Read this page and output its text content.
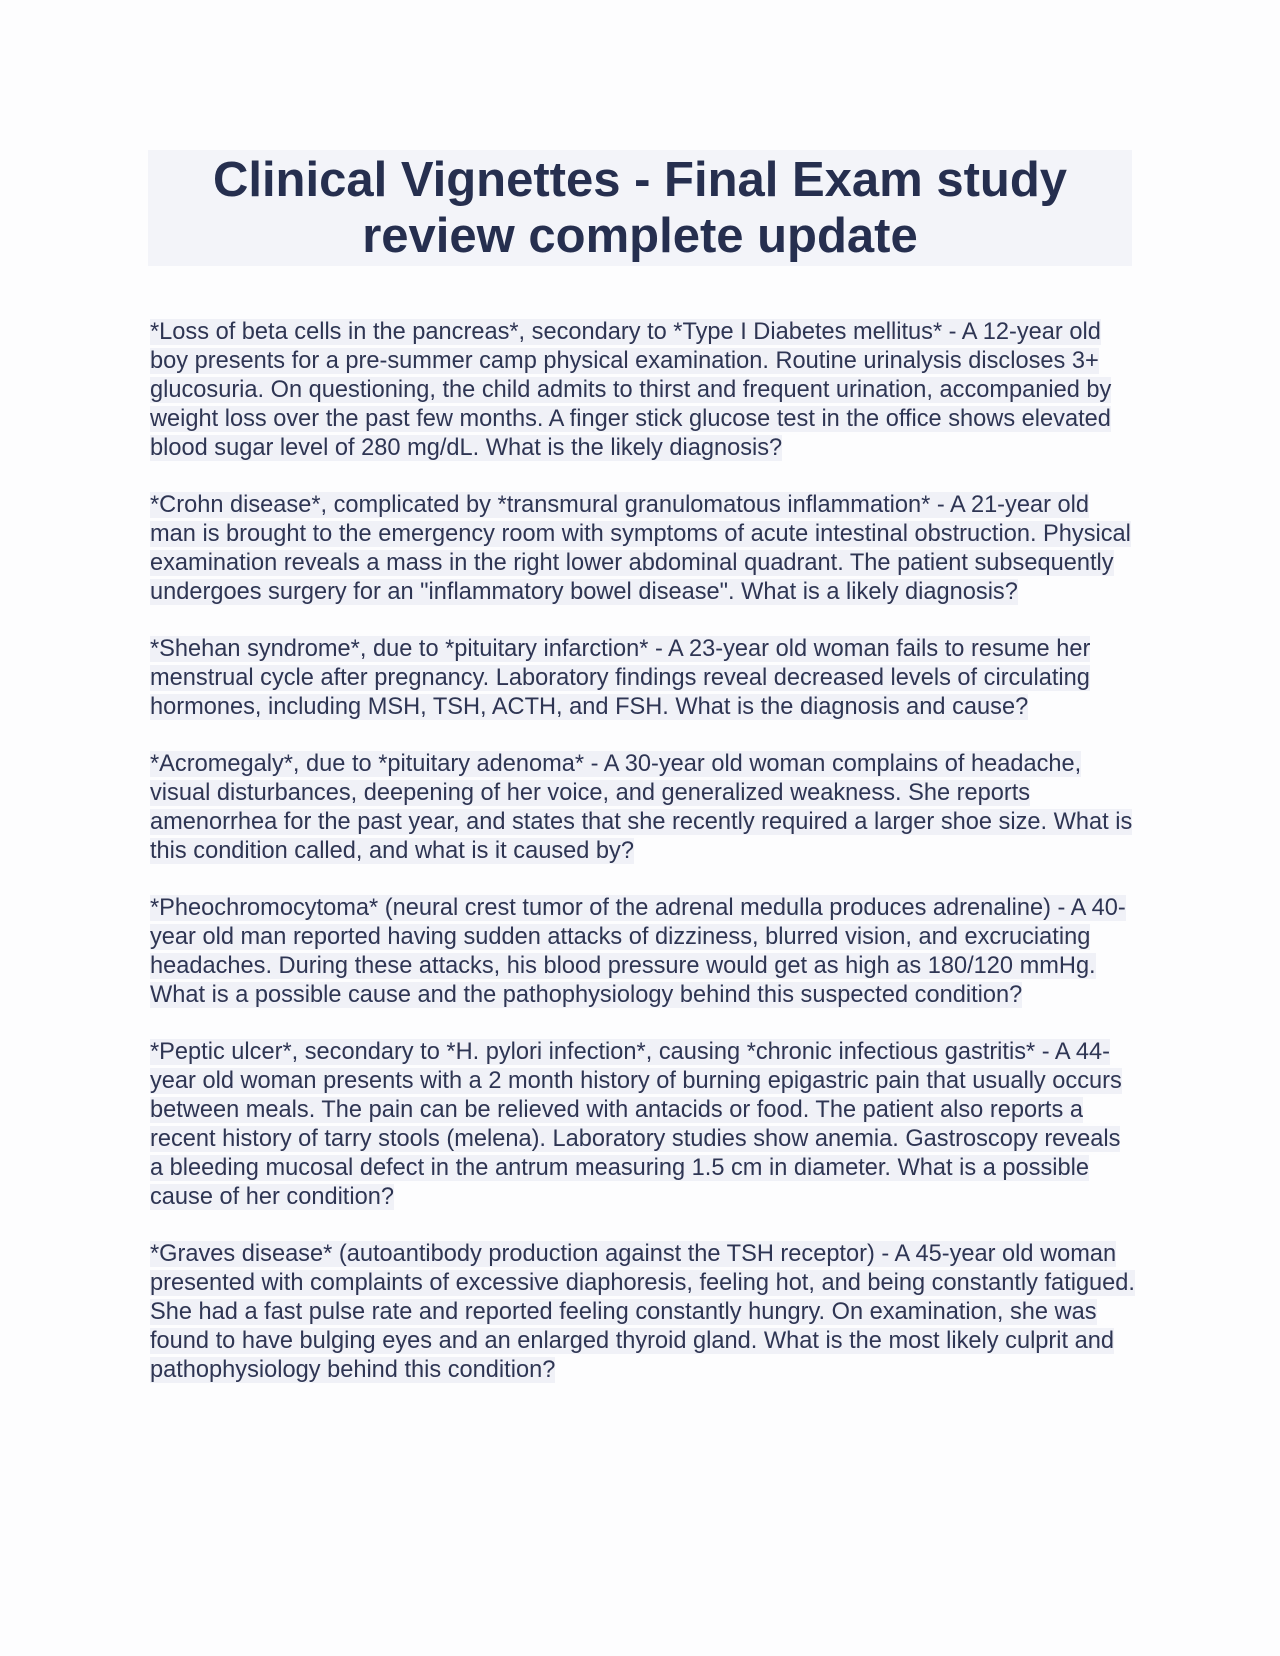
Clinical Vignettes - Final Exam study
review complete update

*Loss of beta cells in the pancreas*, secondary to *Type I Diabetes mellitus* - A 12-year old boy presents for a pre-summer camp physical examination. Routine urinalysis discloses 3+ glucosuria. On questioning, the child admits to thirst and frequent urination, accompanied by weight loss over the past few months. A finger stick glucose test in the office shows elevated blood sugar level of 280 mg/dL. What is the likely diagnosis?

*Crohn disease*, complicated by *transmural granulomatous inflammation* - A 21-year old man is brought to the emergency room with symptoms of acute intestinal obstruction. Physical examination reveals a mass in the right lower abdominal quadrant. The patient subsequently undergoes surgery for an "inflammatory bowel disease". What is a likely diagnosis?

*Shehan syndrome*, due to *pituitary infarction* - A 23-year old woman fails to resume her menstrual cycle after pregnancy. Laboratory findings reveal decreased levels of circulating hormones, including MSH, TSH, ACTH, and FSH. What is the diagnosis and cause?

*Acromegaly*, due to *pituitary adenoma* - A 30-year old woman complains of headache, visual disturbances, deepening of her voice, and generalized weakness. She reports amenorrhea for the past year, and states that she recently required a larger shoe size. What is this condition called, and what is it caused by?

*Pheochromocytoma* (neural crest tumor of the adrenal medulla produces adrenaline) - A 40-year old man reported having sudden attacks of dizziness, blurred vision, and excruciating headaches. During these attacks, his blood pressure would get as high as 180/120 mmHg. What is a possible cause and the pathophysiology behind this suspected condition?

*Peptic ulcer*, secondary to *H. pylori infection*, causing *chronic infectious gastritis* - A 44-year old woman presents with a 2 month history of burning epigastric pain that usually occurs between meals. The pain can be relieved with antacids or food. The patient also reports a recent history of tarry stools (melena). Laboratory studies show anemia. Gastroscopy reveals a bleeding mucosal defect in the antrum measuring 1.5 cm in diameter. What is a possible cause of her condition?

*Graves disease* (autoantibody production against the TSH receptor) - A 45-year old woman presented with complaints of excessive diaphoresis, feeling hot, and being constantly fatigued. She had a fast pulse rate and reported feeling constantly hungry. On examination, she was found to have bulging eyes and an enlarged thyroid gland. What is the most likely culprit and pathophysiology behind this condition?
